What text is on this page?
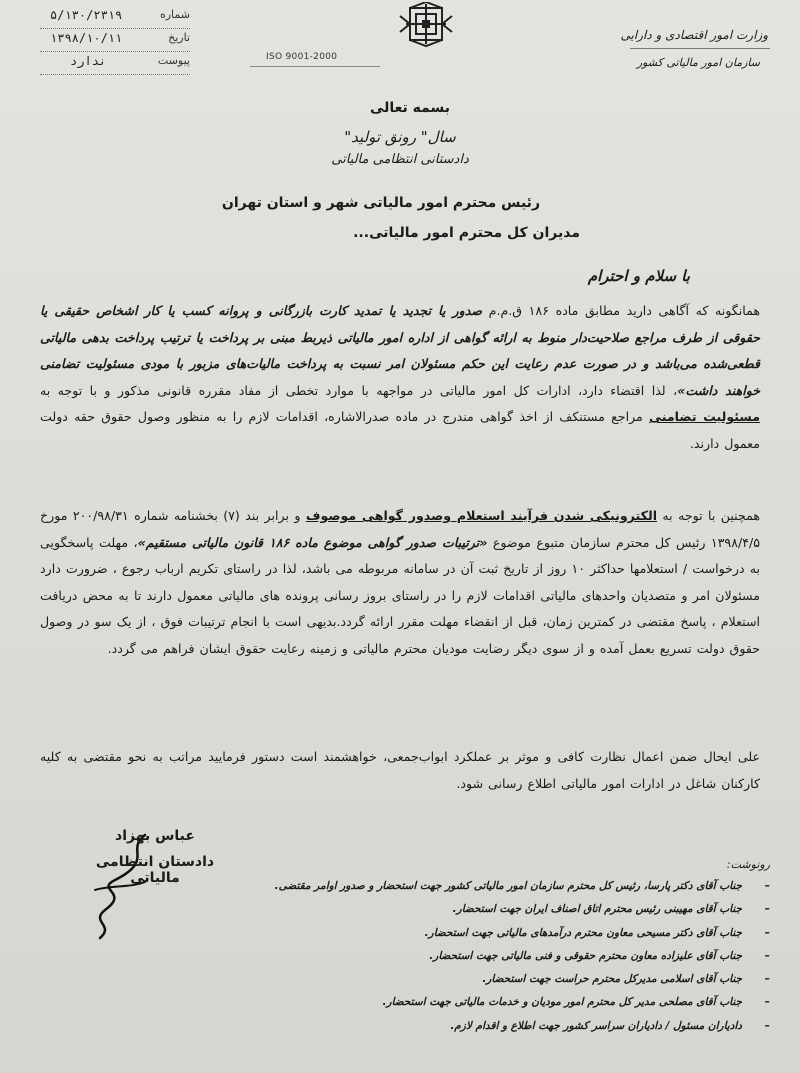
۵/۱۳۰/۲۳۱۹	شماره
۱۳۹۸/۱۰/۱۱	تاریخ
ندارد	پیوست	ISO 9001-2000
وزارت امور اقتصادی و دارایی
سازمان امور مالیاتی کشور
بسمه تعالی
سال" رونق تولید"
دادستانی انتظامی مالیاتی
رئیس محترم امور مالیاتی شهر و استان تهران
مدیران کل محترم امور مالیاتی...
با سلام و احترام
همانگونه که آگاهی دارید مطابق ماده ۱۸۶ ق.م.م صدور یا تجدید یا تمدید کارت بازرگانی و پروانه کسب یا کار اشخاص حقیقی یا حقوقی از طرف مراجع صلاحیت‌دار منوط به ارائه گواهی از اداره امور مالیاتی ذیربط مبنی بر پرداخت یا ترتیب پرداخت بدهی مالیاتی قطعی‌شده می‌باشد و در صورت عدم رعایت این حکم مسئولان امر نسبت به پرداخت مالیات‌های مزبور با مودی مسئولیت تضامنی خواهند داشت»، لذا اقتضاء دارد، ادارات کل امور مالیاتی در مواجهه با موارد تخطی از مفاد مقرره قانونی مذکور و با توجه به مسئولیت تضامنی مراجع مستنکف از اخذ گواهی مندرج در ماده صدرالاشاره، اقدامات لازم را به منظور وصول حقوق حقه دولت معمول دارند.
همچنین با توجه به الکترونیکی شدن فرآیند استعلام وصدور گواهی موصوف و برابر بند (۷) بخشنامه شماره ۲۰۰/۹۸/۳۱ مورخ ۱۳۹۸/۴/۵ رئیس کل محترم سازمان متبوع موضوع «ترتیبات صدور گواهی موضوع ماده ۱۸۶ قانون مالیاتی مستقیم»، مهلت پاسخگویی به درخواست / استعلامها حداکثر ۱۰ روز از تاریخ ثبت آن در سامانه مربوطه می باشد، لذا در راستای تکریم ارباب رجوع ، ضرورت دارد مسئولان امر و متصدیان واحدهای مالیاتی اقدامات لازم را در راستای بروز رسانی پرونده های مالیاتی معمول دارند تا به محض دریافت استعلام ، پاسخ مقتضی در کمترین زمان، قبل از انقضاء مهلت مقرر ارائه گردد.بدیهی است با انجام ترتیبات فوق ، از یک سو در وصول حقوق دولت تسریع بعمل آمده و از سوی دیگر رضایت مودیان محترم مالیاتی و زمینه رعایت حقوق ایشان فراهم می گردد.
علی ایحال ضمن اعمال نظارت کافی و موثر بر عملکرد ابواب‌جمعی، خواهشمند است دستور فرمایید مراتب به نحو مقتضی به کلیه کارکنان شاغل در ادارات امور مالیاتی اطلاع رسانی شود.
عباس بهزاد
دادستان انتظامی مالیاتی
رونوشت:
–
جناب آقای دکتر پارسا، رئیس کل محترم سازمان امور مالیاتی کشور جهت استحضار و صدور اوامر مقتضی.
–
جناب آقای مهیبنی رئیس محترم اتاق اصناف ایران جهت استحضار.
–
جناب آقای دکتر مسیحی معاون محترم درآمدهای مالیاتی جهت استحضار.
–
جناب آقای علیزاده معاون محترم حقوقی و فنی مالیاتی جهت استحضار.
–
جناب آقای اسلامی مدیرکل محترم حراست جهت استحضار.
–
جناب آقای مصلحی مدیر کل محترم امور مودیان و خدمات مالیاتی جهت استحضار.
–
دادیاران مسئول / دادیاران سراسر کشور جهت اطلاع و اقدام لازم.
